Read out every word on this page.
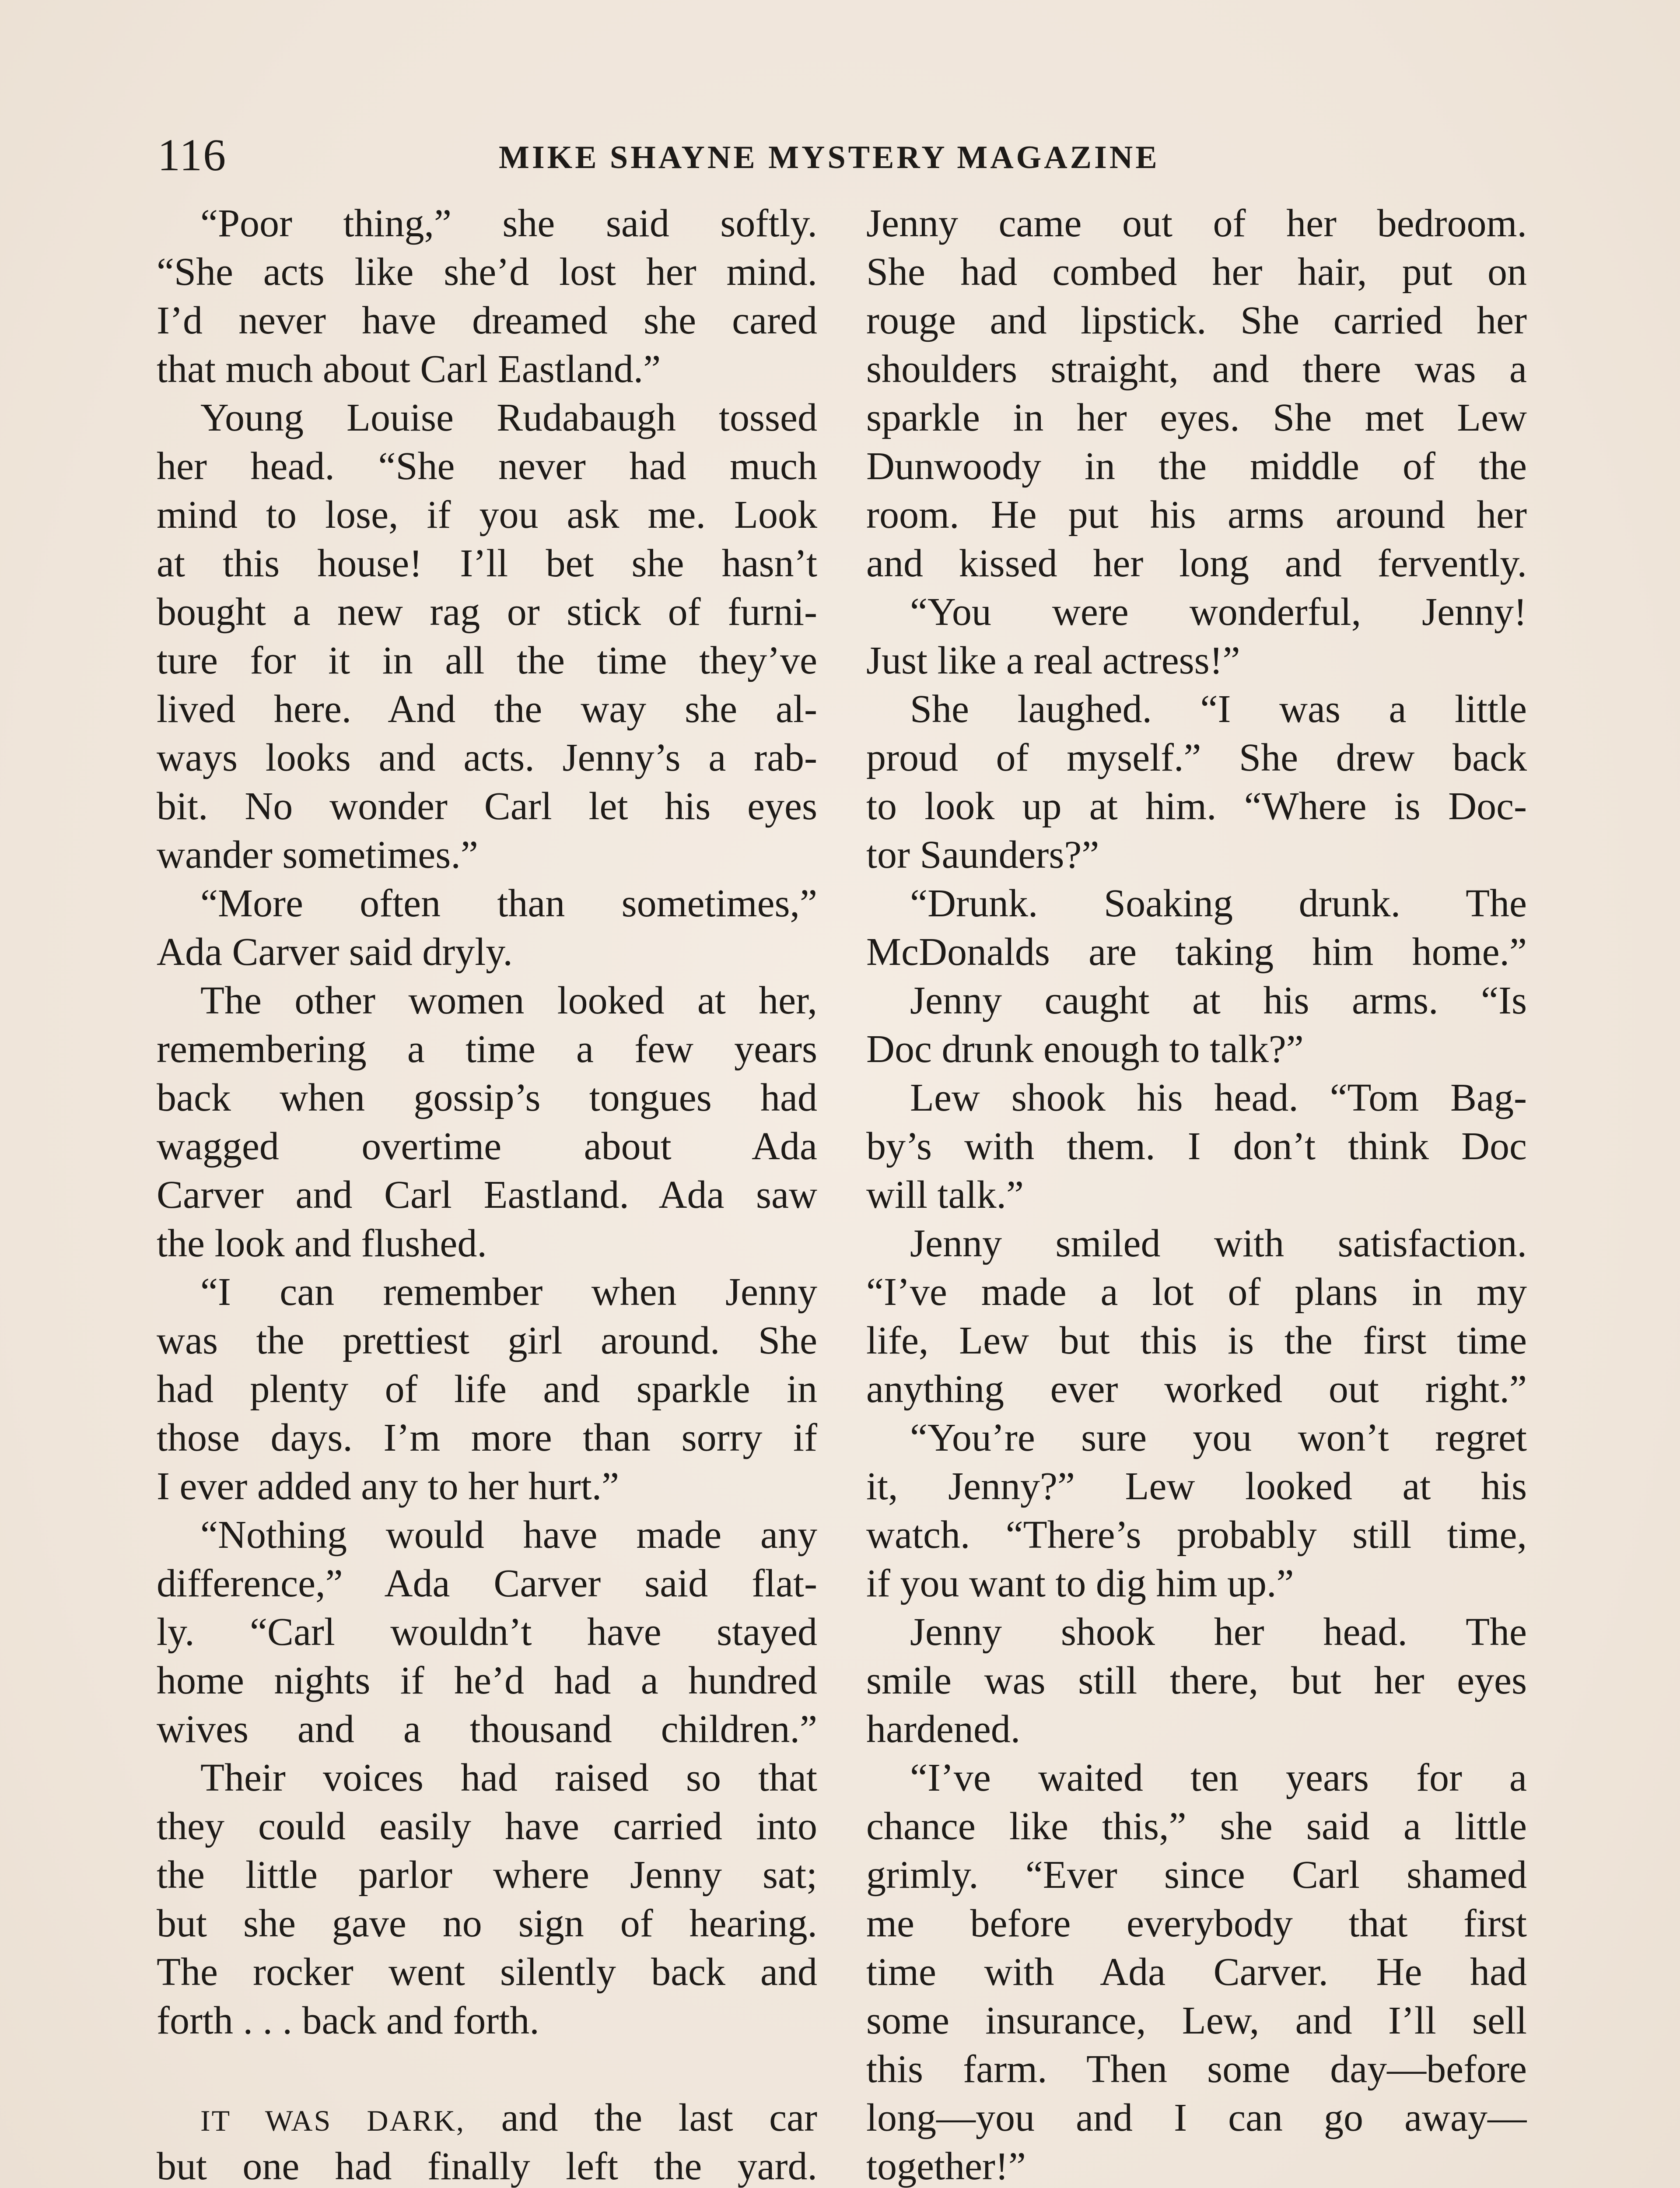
116	MIKE SHAYNE MYSTERY MAGAZINE
“Poor thing,” she said softly.
“She acts like she’d lost her mind.
I’d never have dreamed she cared
that much about Carl Eastland.”
Young Louise Rudabaugh tossed
her head. “She never had much
mind to lose, if you ask me. Look
at this house! I’ll bet she hasn’t
bought a new rag or stick of furni-
ture for it in all the time they’ve
lived here. And the way she al-
ways looks and acts. Jenny’s a rab-
bit. No wonder Carl let his eyes
wander sometimes.”
“More often than sometimes,”
Ada Carver said dryly.
The other women looked at her,
remembering a time a few years
back when gossip’s tongues had
wagged overtime about Ada
Carver and Carl Eastland. Ada saw
the look and flushed.
“I can remember when Jenny
was the prettiest girl around. She
had plenty of life and sparkle in
those days. I’m more than sorry if
I ever added any to her hurt.”
“Nothing would have made any
difference,” Ada Carver said flat-
ly. “Carl wouldn’t have stayed
home nights if he’d had a hundred
wives and a thousand children.”
Their voices had raised so that
they could easily have carried into
the little parlor where Jenny sat;
but she gave no sign of hearing.
The rocker went silently back and
forth . . . back and forth.
IT WAS DARK, and the last car
but one had finally left the yard.
Jenny came out of her bedroom.
She had combed her hair, put on
rouge and lipstick. She carried her
shoulders straight, and there was a
sparkle in her eyes. She met Lew
Dunwoody in the middle of the
room. He put his arms around her
and kissed her long and fervently.
“You were wonderful, Jenny!
Just like a real actress!”
She laughed. “I was a little
proud of myself.” She drew back
to look up at him. “Where is Doc-
tor Saunders?”
“Drunk. Soaking drunk. The
McDonalds are taking him home.”
Jenny caught at his arms. “Is
Doc drunk enough to talk?”
Lew shook his head. “Tom Bag-
by’s with them. I don’t think Doc
will talk.”
Jenny smiled with satisfaction.
“I’ve made a lot of plans in my
life, Lew but this is the first time
anything ever worked out right.”
“You’re sure you won’t regret
it, Jenny?” Lew looked at his
watch. “There’s probably still time,
if you want to dig him up.”
Jenny shook her head. The
smile was still there, but her eyes
hardened.
“I’ve waited ten years for a
chance like this,” she said a little
grimly. “Ever since Carl shamed
me before everybody that first
time with Ada Carver. He had
some insurance, Lew, and I’ll sell
this farm. Then some day—before
long—you and I can go away—
together!”
